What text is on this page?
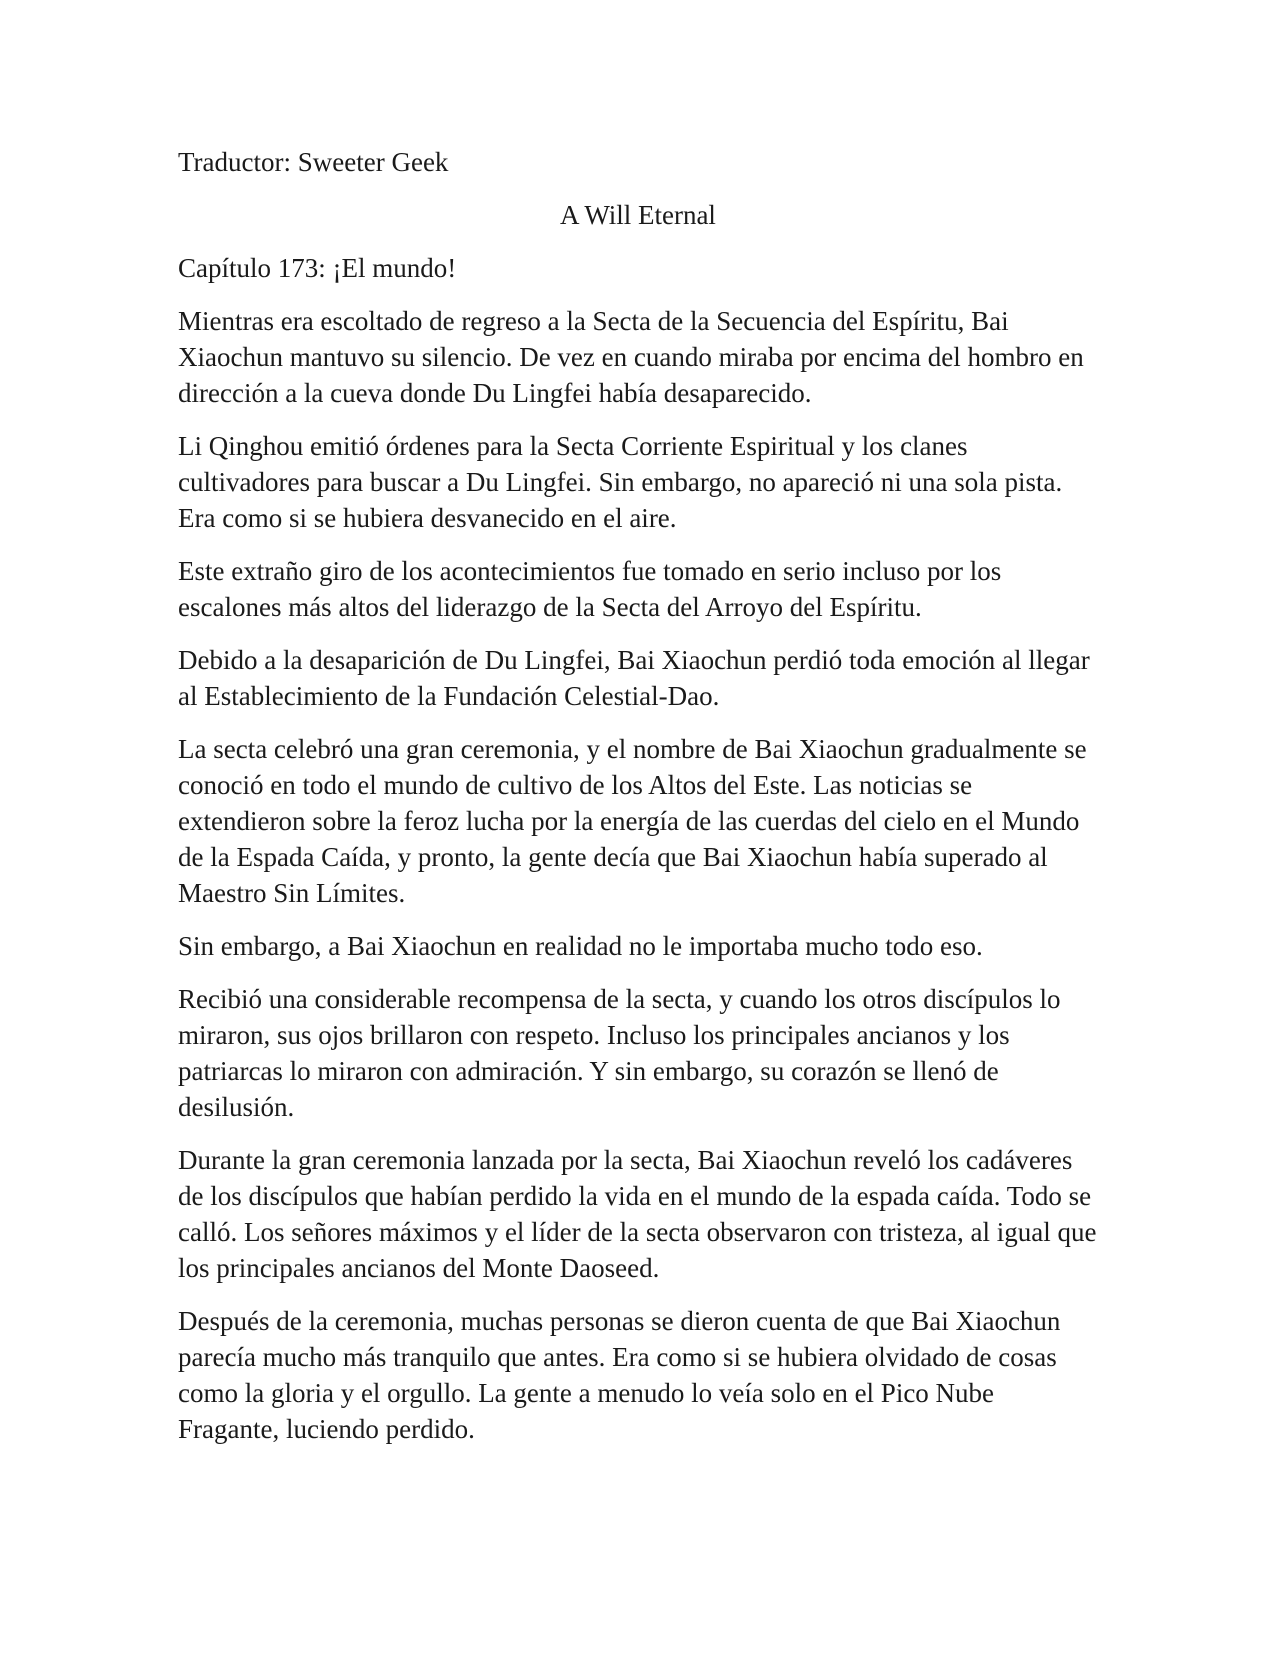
Traductor: Sweeter Geek

A Will Eternal

Capítulo 173: ¡El mundo!

Mientras era escoltado de regreso a la Secta de la Secuencia del Espíritu, Bai Xiaochun mantuvo su silencio. De vez en cuando miraba por encima del hombro en dirección a la cueva donde Du Lingfei había desaparecido.

Li Qinghou emitió órdenes para la Secta Corriente Espiritual y los clanes cultivadores para buscar a Du Lingfei. Sin embargo, no apareció ni una sola pista. Era como si se hubiera desvanecido en el aire.

Este extraño giro de los acontecimientos fue tomado en serio incluso por los escalones más altos del liderazgo de la Secta del Arroyo del Espíritu.

Debido a la desaparición de Du Lingfei, Bai Xiaochun perdió toda emoción al llegar al Establecimiento de la Fundación Celestial-Dao.

La secta celebró una gran ceremonia, y el nombre de Bai Xiaochun gradualmente se conoció en todo el mundo de cultivo de los Altos del Este. Las noticias se extendieron sobre la feroz lucha por la energía de las cuerdas del cielo en el Mundo de la Espada Caída, y pronto, la gente decía que Bai Xiaochun había superado al Maestro Sin Límites.

Sin embargo, a Bai Xiaochun en realidad no le importaba mucho todo eso.

Recibió una considerable recompensa de la secta, y cuando los otros discípulos lo miraron, sus ojos brillaron con respeto. Incluso los principales ancianos y los patriarcas lo miraron con admiración. Y sin embargo, su corazón se llenó de desilusión.

Durante la gran ceremonia lanzada por la secta, Bai Xiaochun reveló los cadáveres de los discípulos que habían perdido la vida en el mundo de la espada caída. Todo se calló. Los señores máximos y el líder de la secta observaron con tristeza, al igual que los principales ancianos del Monte Daoseed.

Después de la ceremonia, muchas personas se dieron cuenta de que Bai Xiaochun parecía mucho más tranquilo que antes. Era como si se hubiera olvidado de cosas como la gloria y el orgullo. La gente a menudo lo veía solo en el Pico Nube Fragante, luciendo perdido.
